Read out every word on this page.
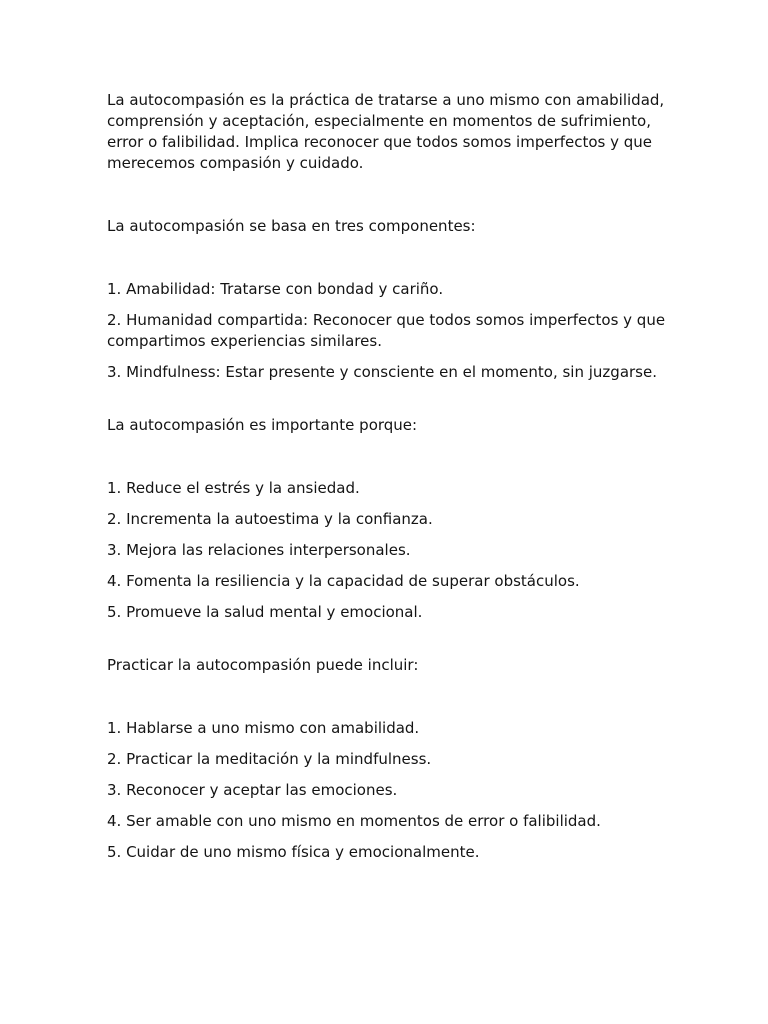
La autocompasión es la práctica de tratarse a uno mismo con amabilidad, comprensión y aceptación, especialmente en momentos de sufrimiento, error o falibilidad. Implica reconocer que todos somos imperfectos y que merecemos compasión y cuidado.

La autocompasión se basa en tres componentes:

1. Amabilidad: Tratarse con bondad y cariño.

2. Humanidad compartida: Reconocer que todos somos imperfectos y que compartimos experiencias similares.

3. Mindfulness: Estar presente y consciente en el momento, sin juzgarse.

La autocompasión es importante porque:

1. Reduce el estrés y la ansiedad.

2. Incrementa la autoestima y la confianza.

3. Mejora las relaciones interpersonales.

4. Fomenta la resiliencia y la capacidad de superar obstáculos.

5. Promueve la salud mental y emocional.

Practicar la autocompasión puede incluir:

1. Hablarse a uno mismo con amabilidad.

2. Practicar la meditación y la mindfulness.

3. Reconocer y aceptar las emociones.

4. Ser amable con uno mismo en momentos de error o falibilidad.

5. Cuidar de uno mismo física y emocionalmente.
